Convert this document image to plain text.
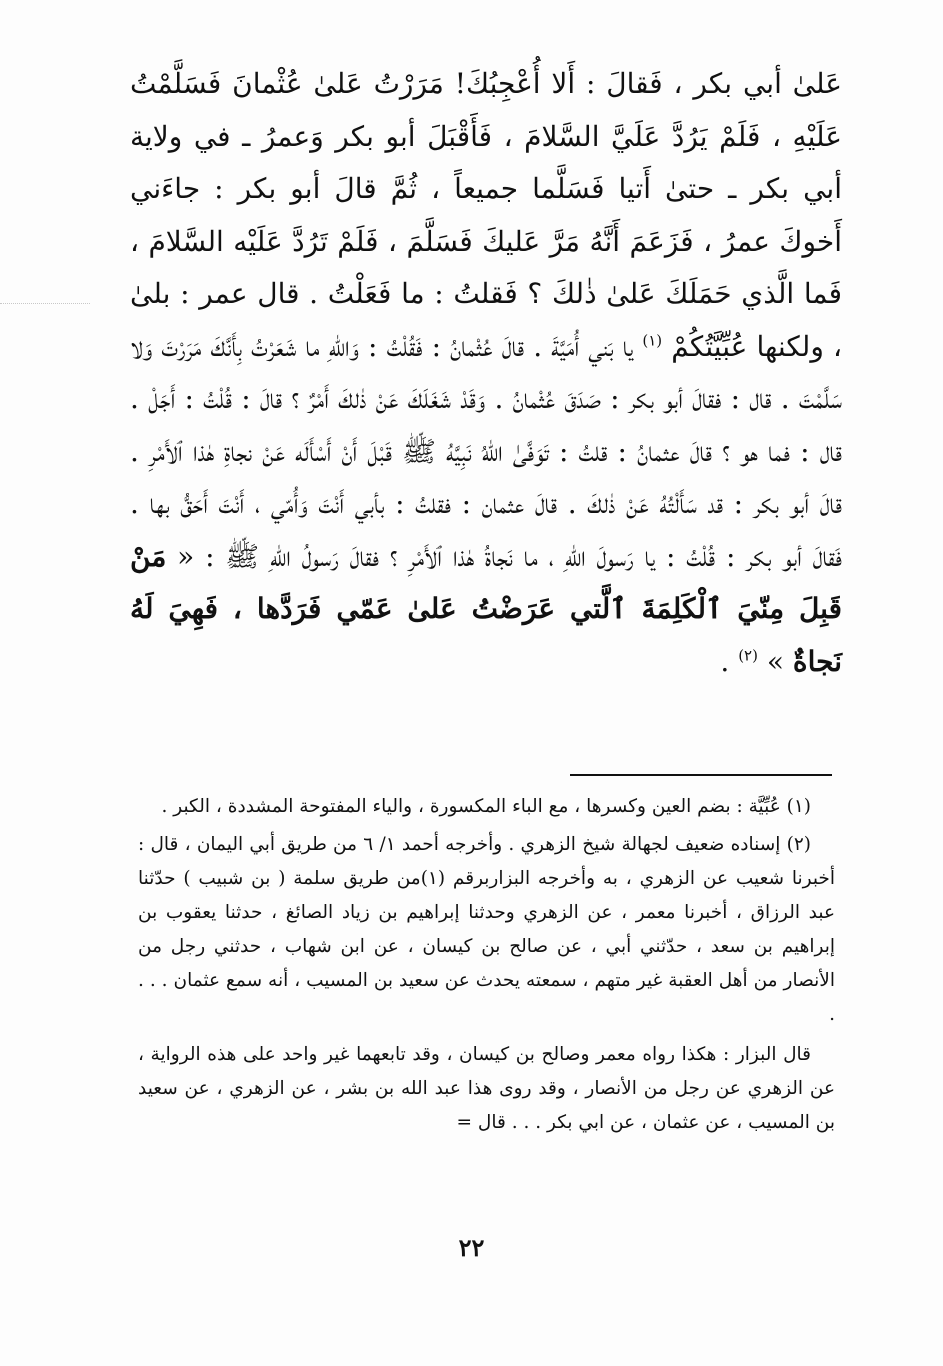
عَلىٰ أبي بكر ، فَقالَ : أَلا أُعْجِبُكَ! مَرَرْتُ عَلىٰ عُثْمانَ فَسَلَّمْتُ عَلَيْهِ ، فَلَمْ يَرُدَّ عَلَيَّ السَّلامَ ، فَأَقْبَلَ أبو بكر وَعمرُ ـ في ولاية أبي بكر ـ حتىٰ أَتيا فَسَلَّما جميعاً ، ثُمَّ قالَ أبو بكر : جاءَني أَخوكَ عمرُ ، فَزَعَمَ أَنَّهُ مَرَّ عَليكَ فَسَلَّمَ ، فَلَمْ تَرُدَّ عَلَيْه السَّلامَ ، فَما الَّذي حَمَلَكَ عَلىٰ ذٰلكَ ؟ فَقلتُ : ما فَعَلْتُ . قال عمر : بلىٰ ، ولكنها عُبِّيَّتُكُمْ $^{(١)}$ يا بَني أُمَيَّةَ . قالَ عُثْمانُ : فَقُلْتُ : وَاللّٰهِ ما شَعَرْتُ بِأَنَّكَ مَرَرْتَ وَلا سَلَّمْتَ . قال : فقالَ أبو بكر : صَدَقَ عُثْمانُ . وَقَدْ شَغَلَكَ عَنْ ذٰلكَ أَمْرٌ ؟ قالَ : قُلْتُ : أَجَلْ . قال : فما هو ؟ قالَ عثمانُ : قلتُ : تَوَفَّىٰ اللّٰهُ نَبِيَّهُ ﷺ قَبْلَ أَنْ أَسْأَلَه عَنْ نجاةِ هٰذا ٱلأَمْرِ . قالَ أبو بكر : قد سَأَلْتُهُ عَنْ ذٰلكَ . قالَ عثمان : فقلتُ : بأبي أَنْتَ وَأُمّي ، أَنْتَ أَحَقُّ بها . فَقالَ أبو بكر : قُلْتُ : يا رَسولَ اللّٰهِ ، ما نَجاةُ هٰذا ٱلأَمْرِ ؟ فقالَ رَسولُ اللّٰهِ ﷺ : « مَنْ قَبِلَ مِنّيَ ٱلْكَلِمَةَ ٱلَّتي عَرَضْتُ عَلىٰ عَمّي فَرَدَّها ، فَهِيَ لَهُ نَجاةٌ » $^{(٢)}$ .

(١) عُبِّيَّة : بضم العين وكسرها ، مع الباء المكسورة ، والياء المفتوحة المشددة ، الكبر .

(٢) إسناده ضعيف لجهالة شيخ الزهري . وأخرجه أحمد ١/ ٦ من طريق أبي اليمان ، قال : أخبرنا شعيب عن الزهري ، به وأخرجه البزاربرقم (١)من طريق سلمة ( بن شبيب ) حدّثنا عبد الرزاق ، أخبرنا معمر ، عن الزهري وحدثنا إبراهيم بن زياد الصائغ ، حدثنا يعقوب بن إبراهيم بن سعد ، حدّثني أبي ، عن صالح بن كيسان ، عن ابن شهاب ، حدثني رجل من الأنصار من أهل العقبة غير متهم ، سمعته يحدث عن سعيد بن المسيب ، أنه سمع عثمان . . . .

قال البزار : هكذا رواه معمر وصالح بن كيسان ، وقد تابعهما غير واحد على هذه الرواية ، عن الزهري عن رجل من الأنصار ، وقد روى هذا عبد الله بن بشر ، عن الزهري ، عن سعيد بن المسيب ، عن عثمان ، عن ابي بكر . . . قال =

٢٢
